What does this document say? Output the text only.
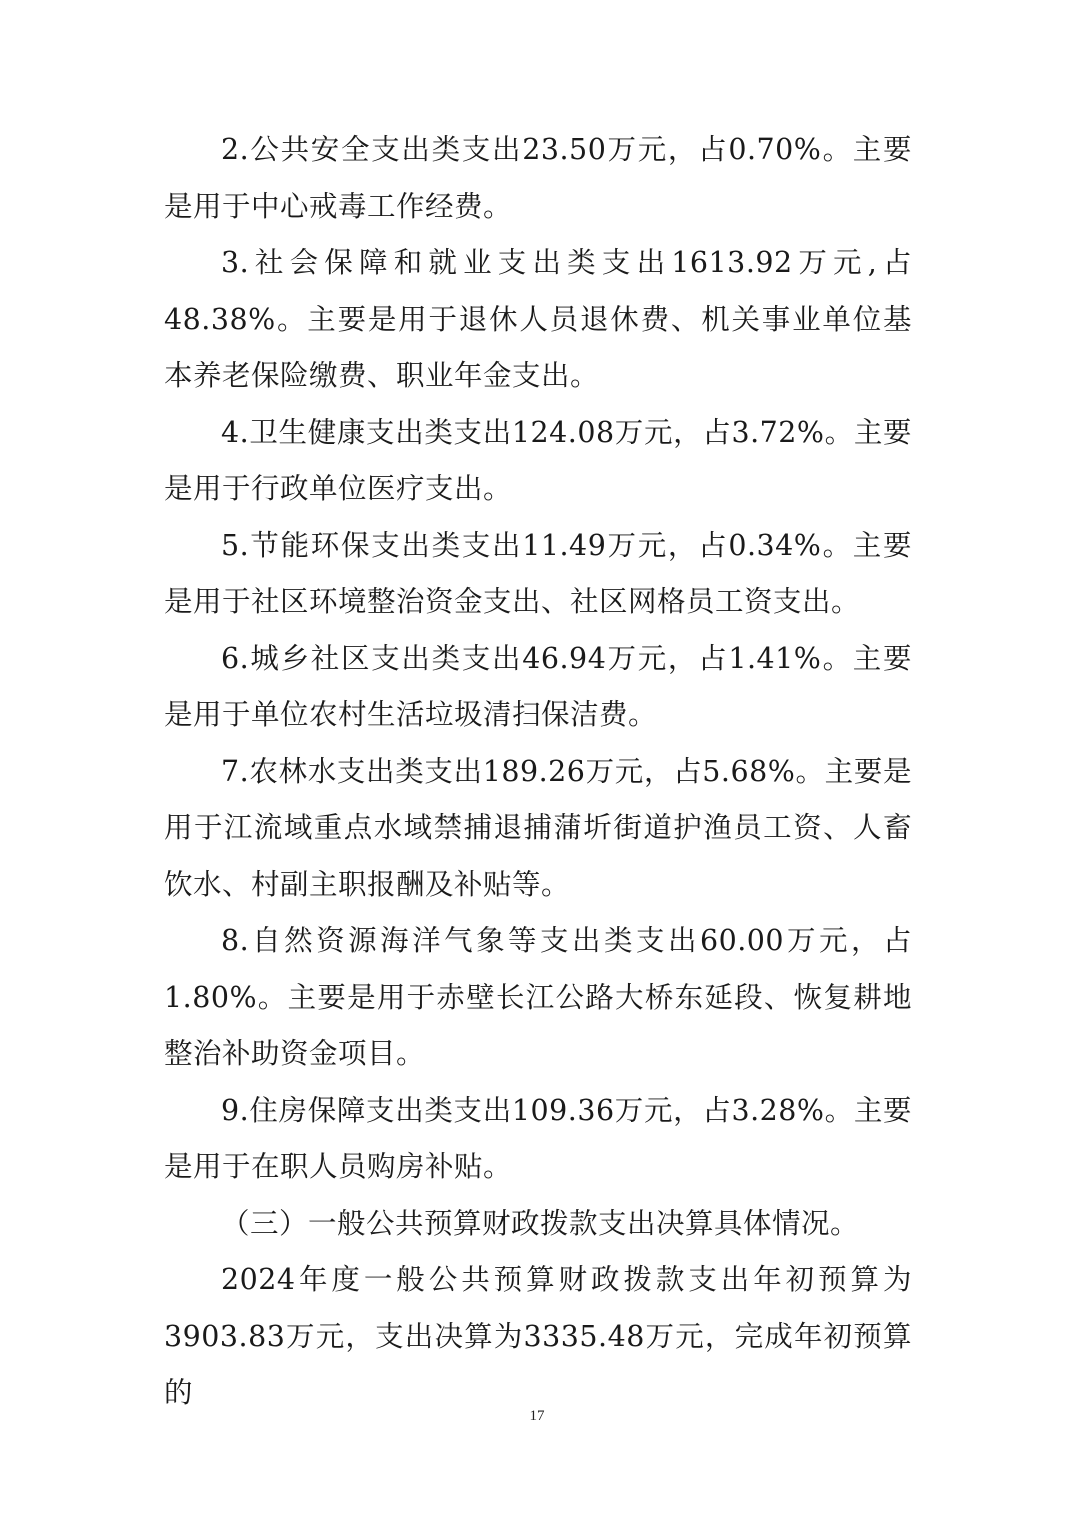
2.公共安全支出类支出23.50万元，占0.70%。主要是用于中心戒毒工作经费。

3.社会保障和就业支出类支出1613.92万元,占48.38%。主要是用于退休人员退休费、机关事业单位基本养老保险缴费、职业年金支出。

4.卫生健康支出类支出124.08万元，占3.72%。主要是用于行政单位医疗支出。

5.节能环保支出类支出11.49万元，占0.34%。主要是用于社区环境整治资金支出、社区网格员工资支出。

6.城乡社区支出类支出46.94万元，占1.41%。主要是用于单位农村生活垃圾清扫保洁费。

7.农林水支出类支出189.26万元，占5.68%。主要是用于江流域重点水域禁捕退捕蒲圻街道护渔员工资、人畜饮水、村副主职报酬及补贴等。

8.自然资源海洋气象等支出类支出60.00万元，占1.80%。主要是用于赤壁长江公路大桥东延段、恢复耕地整治补助资金项目。

9.住房保障支出类支出109.36万元，占3.28%。主要是用于在职人员购房补贴。

（三）一般公共预算财政拨款支出决算具体情况。

2024年度一般公共预算财政拨款支出年初预算为3903.83万元，支出决算为3335.48万元，完成年初预算的

17
